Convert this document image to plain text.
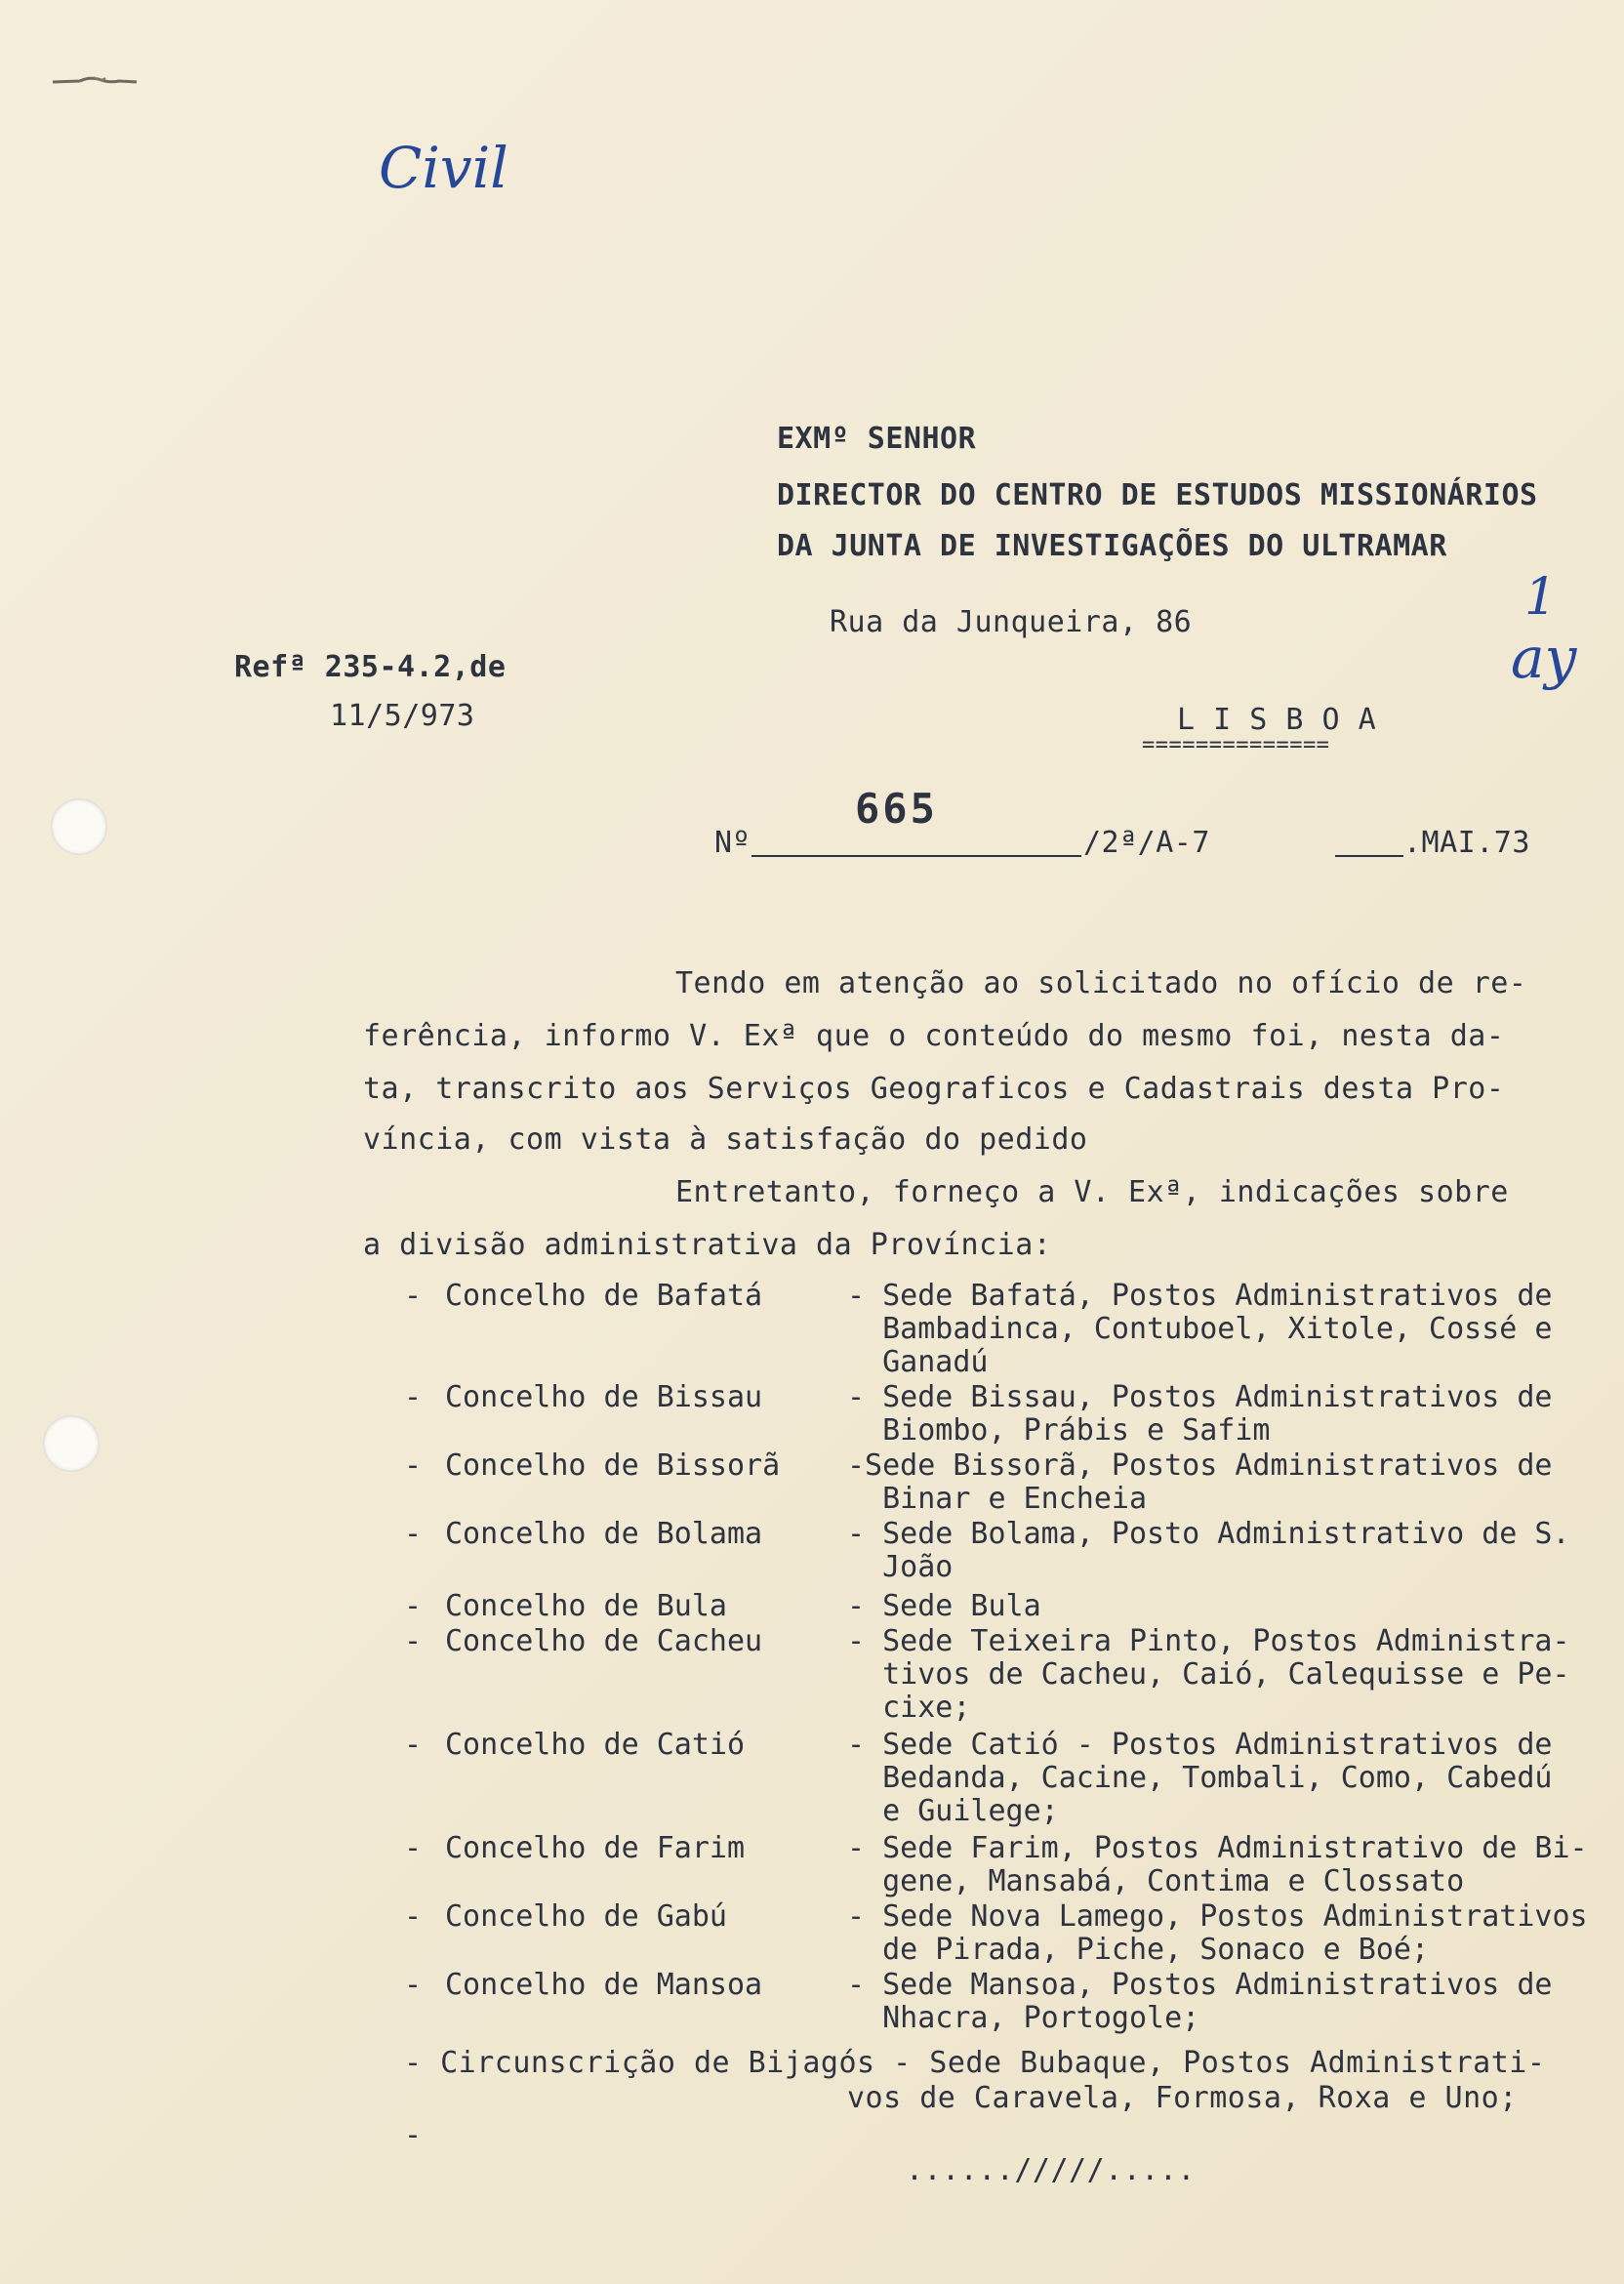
Civil
1
ay
EXMº SENHOR
DIRECTOR DO CENTRO DE ESTUDOS MISSIONÁRIOS
DA JUNTA DE INVESTIGAÇÕES DO ULTRAMAR
Rua da Junqueira, 86
L I S B O A
==============
Refª 235-4.2,de
11/5/973
Nº
665
/2ª/A-7	.MAI.73
Tendo em atenção ao solicitado no ofício de re-
ferência, informo V. Exª que o conteúdo do mesmo foi, nesta da-
ta, transcrito aos Serviços Geograficos e Cadastrais desta Pro-
víncia, com vista à satisfação do pedido
Entretanto, forneço a V. Exª, indicações sobre
a divisão administrativa da Província:
- Concelho de Bafatá	- Sede Bafatá, Postos Administrativos de
Bambadinca, Contuboel, Xitole, Cossé e
Ganadú
- Concelho de Bissau	- Sede Bissau, Postos Administrativos de
Biombo, Prábis e Safim
- Concelho de Bissorã -Sede Bissorã, Postos Administrativos de
Binar e Encheia
- Concelho de Bolama	- Sede Bolama, Posto Administrativo de S.
João
- Concelho de Bula	- Sede Bula
- Concelho de Cacheu	- Sede Teixeira Pinto, Postos Administra-
tivos de Cacheu, Caió, Calequisse e Pe-
cixe;
- Concelho de Catió	- Sede Catió - Postos Administrativos de
Bedanda, Cacine, Tombali, Como, Cabedú
e Guilege;
- Concelho de Farim	- Sede Farim, Postos Administrativo de Bi-
gene, Mansabá, Contima e Clossato
- Concelho de Gabú	- Sede Nova Lamego, Postos Administrativos
de Pirada, Piche, Sonaco e Boé;
- Concelho de Mansoa	- Sede Mansoa, Postos Administrativos de
Nhacra, Portogole;
- Circunscrição de Bijagós - Sede Bubaque, Postos Administrati-
vos de Caravela, Formosa, Roxa e Uno;
-
....../////.....
